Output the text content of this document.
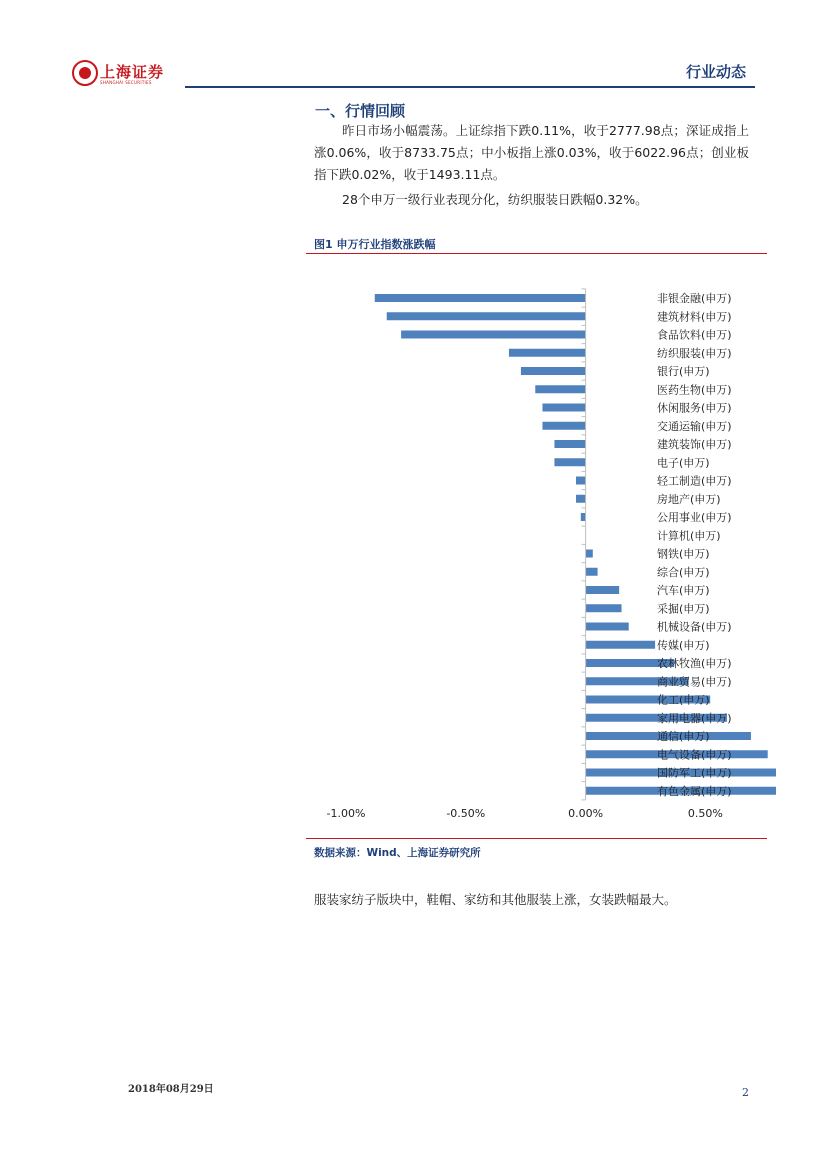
上海证券
SHANGHAI SECURITIES
行业动态
一、行情回顾
昨日市场小幅震荡。上证综指下跌0.11%，收于2777.98点；深证成指上涨0.06%，收于8733.75点；中小板指上涨0.03%，收于6022.96点；创业板指下跌0.02%，收于1493.11点。
28个申万一级行业表现分化，纺织服装日跌幅0.32%。
图1 申万行业指数涨跌幅
-1.00%	-0.50%	0.00%	0.50%
非银金融(申万)
建筑材料(申万)
食品饮料(申万)
纺织服装(申万)
银行(申万)
医药生物(申万)
休闲服务(申万)
交通运输(申万)
建筑装饰(申万)
电子(申万)
轻工制造(申万)
房地产(申万)
公用事业(申万)
计算机(申万)
钢铁(申万)
综合(申万)
汽车(申万)
采掘(申万)
机械设备(申万)
传媒(申万)
农林牧渔(申万)
商业贸易(申万)
化工(申万)
家用电器(申万)
通信(申万)
电气设备(申万)
国防军工(申万)
有色金属(申万)
数据来源：Wind、上海证券研究所
服装家纺子版块中，鞋帽、家纺和其他服装上涨，女装跌幅最大。
2018年08月29日	2
